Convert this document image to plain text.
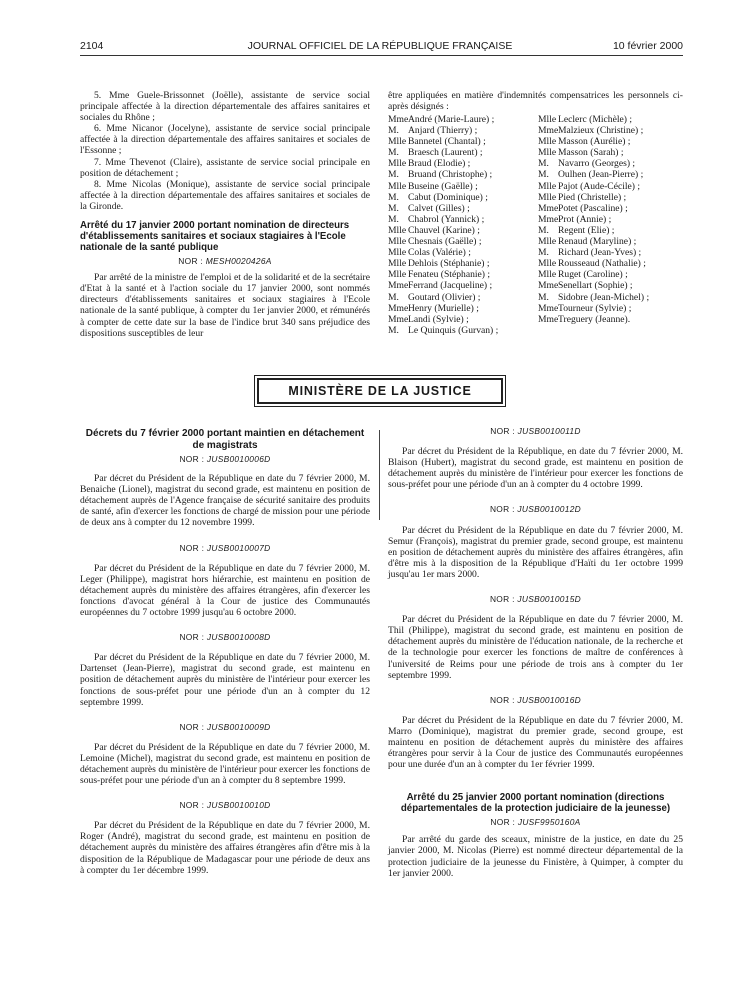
2104	JOURNAL OFFICIEL DE LA RÉPUBLIQUE FRANÇAISE	10 février 2000

5. Mme Guele-Brissonnet (Joëlle), assistante de service social principale affectée à la direction départementale des affaires sanitaires et sociales du Rhône ;

6. Mme Nicanor (Jocelyne), assistante de service social principale affectée à la direction départementale des affaires sanitaires et sociales de l'Essonne ;

7. Mme Thevenot (Claire), assistante de service social principale en position de détachement ;

8. Mme Nicolas (Monique), assistante de service social principale affectée à la direction départementale des affaires sanitaires et sociales de la Gironde.

Arrêté du 17 janvier 2000 portant nomination de directeurs d'établissements sanitaires et sociaux stagiaires à l'Ecole nationale de la santé publique

NOR : MESH0020426A

Par arrêté de la ministre de l'emploi et de la solidarité et de la secrétaire d'Etat à la santé et à l'action sociale du 17 janvier 2000, sont nommés directeurs d'établissements sanitaires et sociaux stagiaires à l'Ecole nationale de la santé publique, à compter du 1er janvier 2000, et rémunérés à compter de cette date sur la base de l'indice brut 340 sans préjudice des dispositions susceptibles de leur

être appliquées en matière d'indemnités compensatrices les personnels ci-après désignés :

MmeAndré (Marie-Laure) ;
M. Anjard (Thierry) ;
Mlle Bannetel (Chantal) ;
M. Braesch (Laurent) ;
Mlle Braud (Elodie) ;
M. Bruand (Christophe) ;
Mlle Buseine (Gaëlle) ;
M. Cabut (Dominique) ;
M. Calvet (Gilles) ;
M. Chabrol (Yannick) ;
Mlle Chauvel (Karine) ;
Mlle Chesnais (Gaëlle) ;
Mlle Colas (Valérie) ;
Mlle Dehlois (Stéphanie) ;
Mlle Fenateu (Stéphanie) ;
MmeFerrand (Jacqueline) ;
M. Goutard (Olivier) ;
MmeHenry (Murielle) ;
MmeLandi (Sylvie) ;
M. Le Quinquis (Gurvan) ;
Mlle Leclerc (Michèle) ;
MmeMalzieux (Christine) ;
Mlle Masson (Aurélie) ;
Mlle Masson (Sarah) ;
M. Navarro (Georges) ;
M. Oulhen (Jean-Pierre) ;
Mlle Pajot (Aude-Cécile) ;
Mlle Pied (Christelle) ;
MmePotet (Pascaline) ;
MmeProt (Annie) ;
M. Regent (Elie) ;
Mlle Renaud (Maryline) ;
M. Richard (Jean-Yves) ;
Mlle Rousseaud (Nathalie) ;
Mlle Ruget (Caroline) ;
MmeSenellart (Sophie) ;
M. Sidobre (Jean-Michel) ;
MmeTourneur (Sylvie) ;
MmeTreguery (Jeanne).
MINISTÈRE DE LA JUSTICE
Décrets du 7 février 2000 portant maintien en détachement de magistrats
NOR : JUSB0010006D

Par décret du Président de la République en date du 7 février 2000, M. Benaiche (Lionel), magistrat du second grade, est maintenu en position de détachement auprès de l'Agence française de sécurité sanitaire des produits de santé, afin d'exercer les fonctions de chargé de mission pour une période de deux ans à compter du 12 novembre 1999.

NOR : JUSB0010007D

Par décret du Président de la République en date du 7 février 2000, M. Leger (Philippe), magistrat hors hiérarchie, est maintenu en position de détachement auprès du ministère des affaires étrangères, afin d'exercer les fonctions d'avocat général à la Cour de justice des Communautés européennes du 7 octobre 1999 jusqu'au 6 octobre 2000.

NOR : JUSB0010008D

Par décret du Président de la République en date du 7 février 2000, M. Dartenset (Jean-Pierre), magistrat du second grade, est maintenu en position de détachement auprès du ministère de l'intérieur pour exercer les fonctions de sous-préfet pour une période d'un an à compter du 12 septembre 1999.

NOR : JUSB0010009D

Par décret du Président de la République en date du 7 février 2000, M. Lemoine (Michel), magistrat du second grade, est maintenu en position de détachement auprès du ministère de l'intérieur pour exercer les fonctions de sous-préfet pour une période d'un an à compter du 8 septembre 1999.

NOR : JUSB0010010D

Par décret du Président de la République en date du 7 février 2000, M. Roger (André), magistrat du second grade, est maintenu en position de détachement auprès du ministère des affaires étrangères afin d'être mis à la disposition de la République de Madagascar pour une période de deux ans à compter du 1er décembre 1999.

NOR : JUSB0010011D

Par décret du Président de la République, en date du 7 février 2000, M. Blaison (Hubert), magistrat du second grade, est maintenu en position de détachement auprès du ministère de l'intérieur pour exercer les fonctions de sous-préfet pour une période d'un an à compter du 4 octobre 1999.

NOR : JUSB0010012D

Par décret du Président de la République en date du 7 février 2000, M. Semur (François), magistrat du premier grade, second groupe, est maintenu en position de détachement auprès du ministère des affaires étrangères, afin d'être mis à la disposition de la République d'Haïti du 1er octobre 1999 jusqu'au 1er mars 2000.

NOR : JUSB0010015D

Par décret du Président de la République en date du 7 février 2000, M. Thil (Philippe), magistrat du second grade, est maintenu en position de détachement auprès du ministère de l'éducation nationale, de la recherche et de la technologie pour exercer les fonctions de maître de conférences à l'université de Reims pour une période de trois ans à compter du 1er septembre 1999.

NOR : JUSB0010016D

Par décret du Président de la République en date du 7 février 2000, M. Marro (Dominique), magistrat du premier grade, second groupe, est maintenu en position de détachement auprès du ministère des affaires étrangères pour servir à la Cour de justice des Communautés européennes pour une durée d'un an à compter du 1er février 1999.

Arrêté du 25 janvier 2000 portant nomination (directions départementales de la protection judiciaire de la jeunesse)
NOR : JUSF9950160A

Par arrêté du garde des sceaux, ministre de la justice, en date du 25 janvier 2000, M. Nicolas (Pierre) est nommé directeur départemental de la protection judiciaire de la jeunesse du Finistère, à Quimper, à compter du 1er janvier 2000.
